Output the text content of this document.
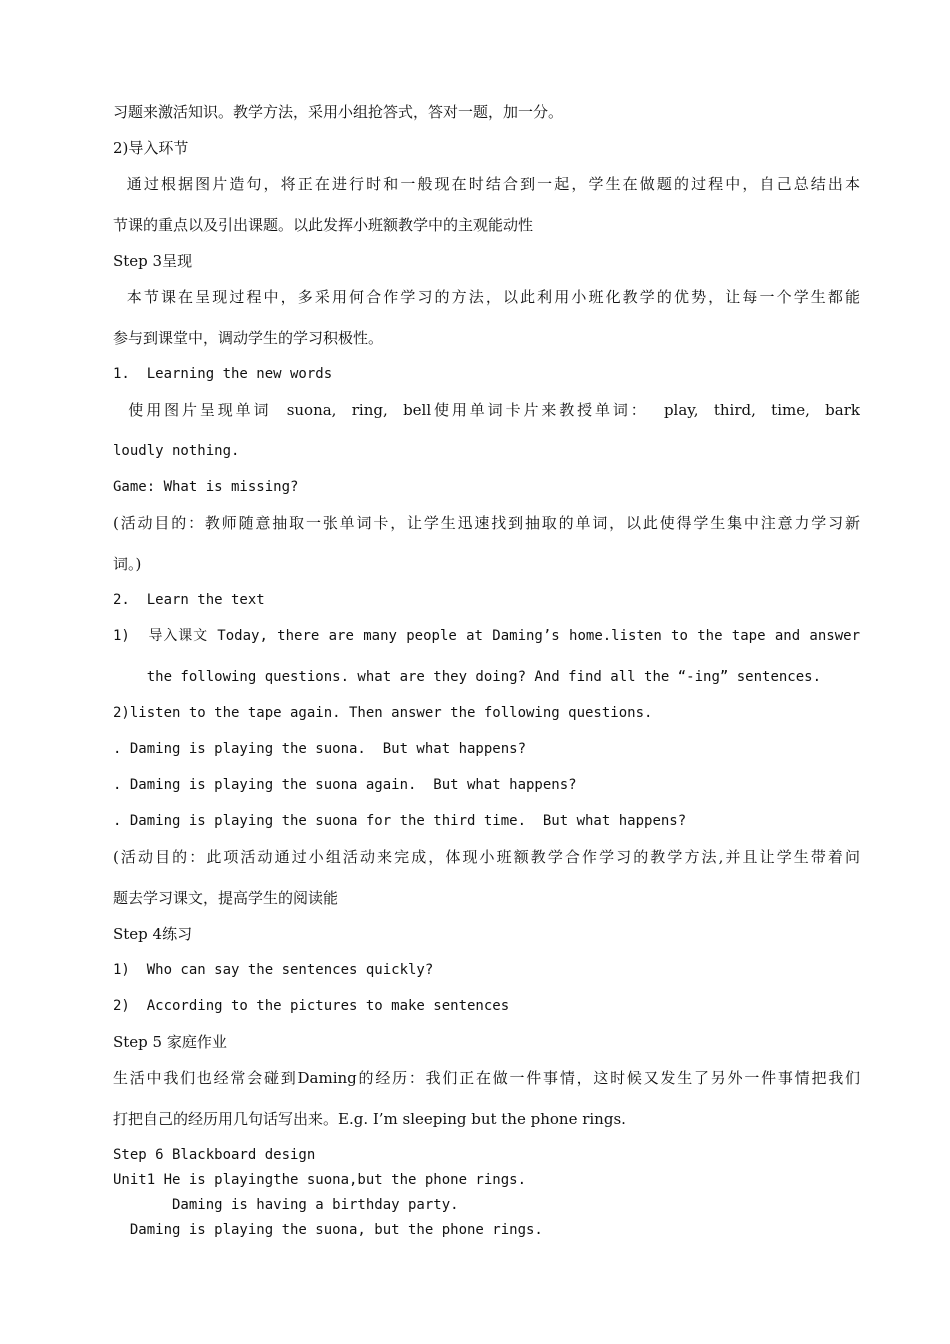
习题来激活知识。教学方法，采用小组抢答式，答对一题，加一分。
2)导入环节
通过根据图片造句，将正在进行时和一般现在时结合到一起，学生在做题的过程中，自己总结出本
节课的重点以及引出课题。以此发挥小班额教学中的主观能动性
Step 3呈现
本节课在呈现过程中，多采用何合作学习的方法，以此利用小班化教学的优势，让每一个学生都能
参与到课堂中，调动学生的学习积极性。
1.  Learning the new words
使用图片呈现单词  suona,  ring,  bell使用单词卡片来教授单词：  play,  third,  time,  bark
loudly nothing.
Game: What is missing?
(活动目的：教师随意抽取一张单词卡，让学生迅速找到抽取的单词，以此使得学生集中注意力学习新
词。)
2.  Learn the text
1)  导入课文 Today, there are many people at Daming’s home.listen to the tape and answer
the following questions. what are they doing? And find all the “-ing” sentences.
2)listen to the tape again. Then answer the following questions.
. Daming is playing the suona.  But what happens?
. Daming is playing the suona again.  But what happens?
. Daming is playing the suona for the third time.  But what happens?
(活动目的：此项活动通过小组活动来完成，体现小班额教学合作学习的教学方法,并且让学生带着问
题去学习课文，提高学生的阅读能
Step 4练习
1)  Who can say the sentences quickly?
2)  According to the pictures to make sentences
Step 5 家庭作业
生活中我们也经常会碰到Daming的经历：我们正在做一件事情，这时候又发生了另外一件事情把我们
打把自己的经历用几句话写出来。E.g. I’m sleeping but the phone rings.
Step 6 Blackboard design
Unit1 He is playingthe suona,but the phone rings.
Daming is having a birthday party.
Daming is playing the suona, but the phone rings.
